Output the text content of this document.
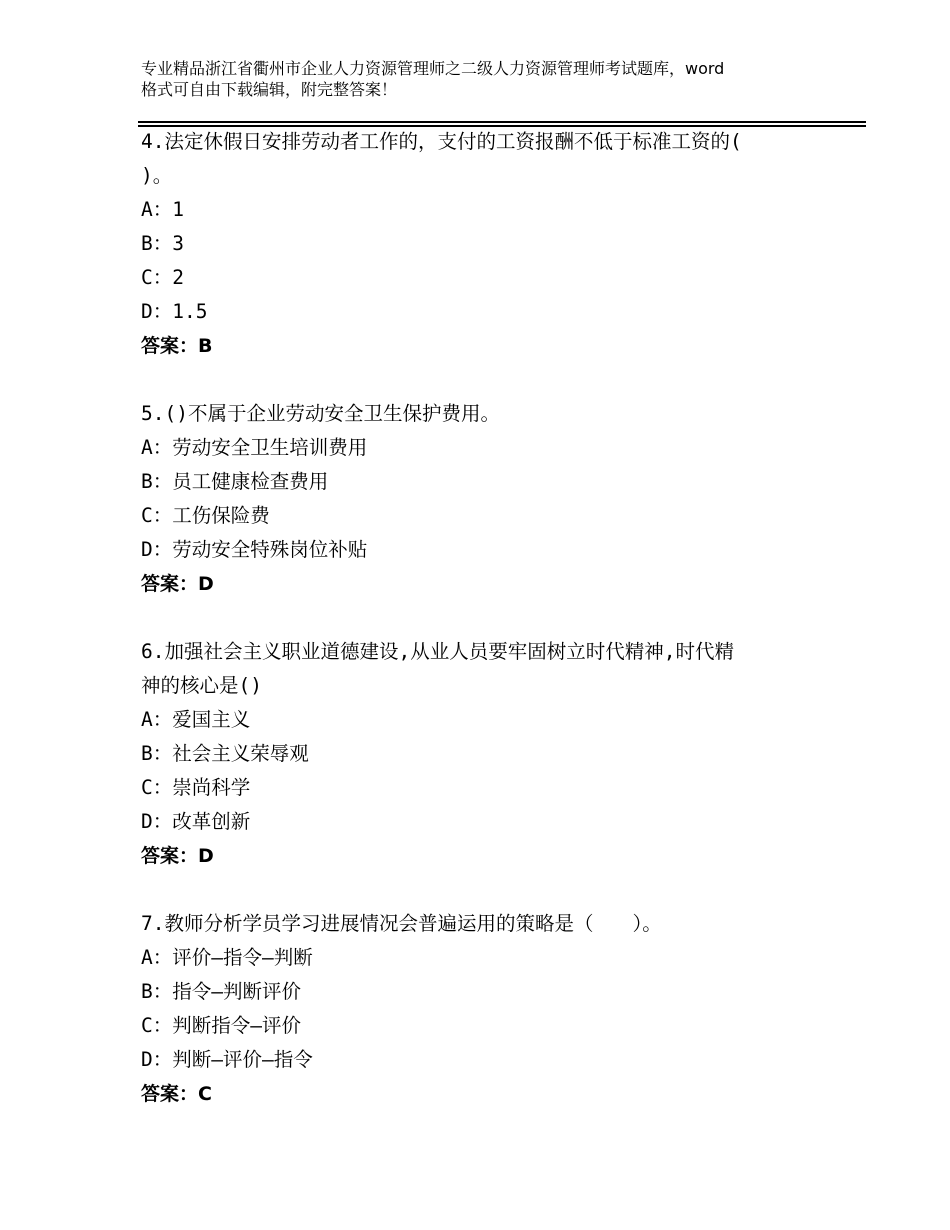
专业精品浙江省衢州市企业人力资源管理师之二级人力资源管理师考试题库，word
格式可自由下载编辑，附完整答案！
4.法定休假日安排劳动者工作的，支付的工资报酬不低于标准工资的(
)。
A：1
B：3
C：2
D：1.5
答案：B
5.()不属于企业劳动安全卫生保护费用。
A：劳动安全卫生培训费用
B：员工健康检查费用
C：工伤保险费
D：劳动安全特殊岗位补贴
答案：D
6.加强社会主义职业道德建设,从业人员要牢固树立时代精神,时代精
神的核心是()
A：爱国主义
B：社会主义荣辱观
C：崇尚科学
D：改革创新
答案：D
7.教师分析学员学习进展情况会普遍运用的策略是（　　）。
A：评价—指令—判断
B：指令—判断评价
C：判断指令—评价
D：判断—评价—指令
答案：C
